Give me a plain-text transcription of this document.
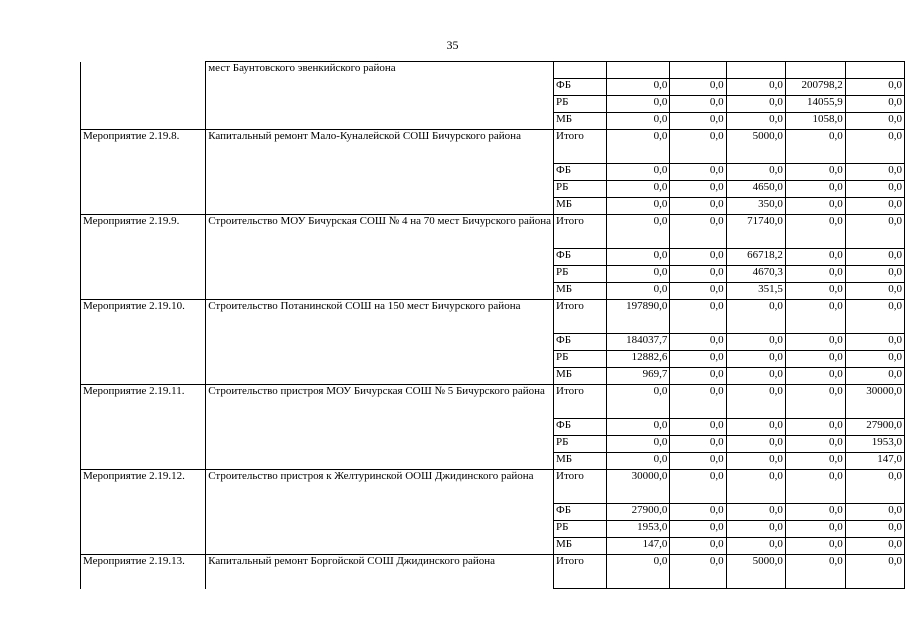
35
	мест Баунтовского эвенкийского района						
		ФБ	0,0	0,0	0,0	200798,2	0,0
		РБ	0,0	0,0	0,0	14055,9	0,0
		МБ	0,0	0,0	0,0	1058,0	0,0
Мероприятие 2.19.8.	Капитальный ремонт Мало-Куналейской СОШ Бичурского района	Итого	0,0	0,0	5000,0	0,0	0,0
		ФБ	0,0	0,0	0,0	0,0	0,0
		РБ	0,0	0,0	4650,0	0,0	0,0
		МБ	0,0	0,0	350,0	0,0	0,0
Мероприятие 2.19.9.	Строительство МОУ Бичурская СОШ № 4 на 70 мест Бичурского района	Итого	0,0	0,0	71740,0	0,0	0,0
		ФБ	0,0	0,0	66718,2	0,0	0,0
		РБ	0,0	0,0	4670,3	0,0	0,0
		МБ	0,0	0,0	351,5	0,0	0,0
Мероприятие 2.19.10.	Строительство Потанинской СОШ на 150 мест Бичурского района	Итого	197890,0	0,0	0,0	0,0	0,0
		ФБ	184037,7	0,0	0,0	0,0	0,0
		РБ	12882,6	0,0	0,0	0,0	0,0
		МБ	969,7	0,0	0,0	0,0	0,0
Мероприятие 2.19.11.	Строительство пристроя МОУ Бичурская СОШ № 5 Бичурского района	Итого	0,0	0,0	0,0	0,0	30000,0
		ФБ	0,0	0,0	0,0	0,0	27900,0
		РБ	0,0	0,0	0,0	0,0	1953,0
		МБ	0,0	0,0	0,0	0,0	147,0
Мероприятие 2.19.12.	Строительство пристроя к Желтуринской ООШ Джидинского района	Итого	30000,0	0,0	0,0	0,0	0,0
		ФБ	27900,0	0,0	0,0	0,0	0,0
		РБ	1953,0	0,0	0,0	0,0	0,0
		МБ	147,0	0,0	0,0	0,0	0,0
Мероприятие 2.19.13.	Капитальный ремонт Боргойской СОШ Джидинского района	Итого	0,0	0,0	5000,0	0,0	0,0
